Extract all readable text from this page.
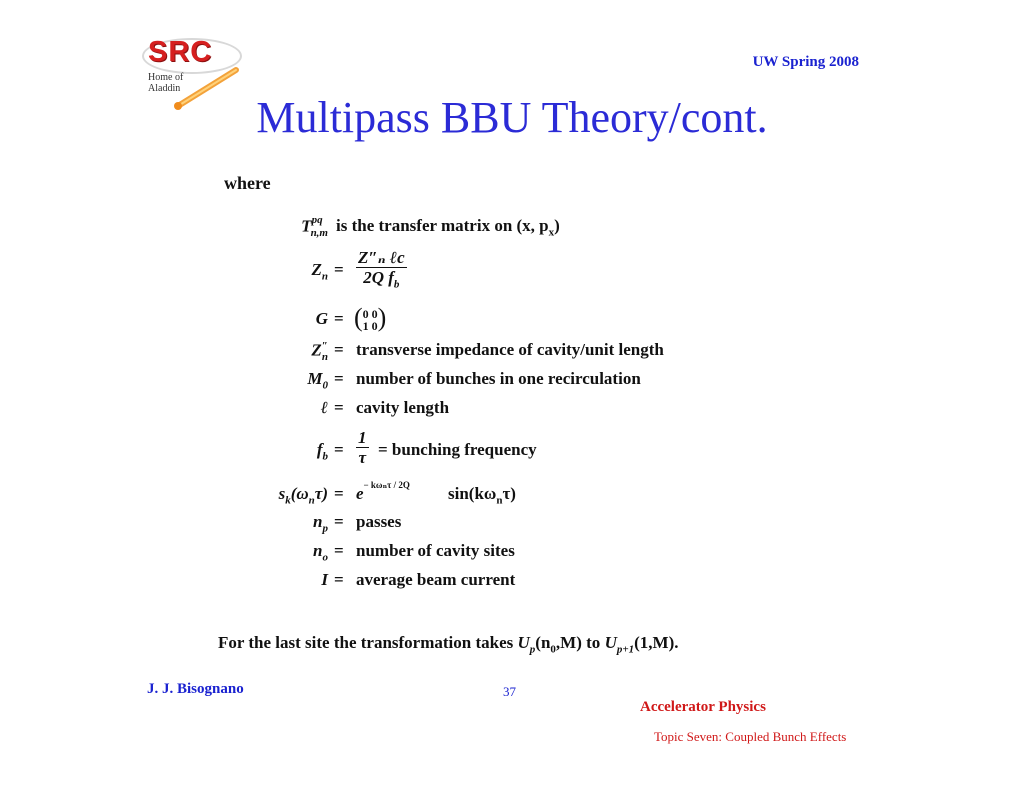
SRC
Home of
Aladdin
UW Spring 2008
Multipass BBU Theory/cont.
where
$T^{pq}_{n,m}$ is the transfer matrix on (x, $p_x$)
$Z_n = \frac{\text{Z″ₙ ℓc}}{2Q f_b}$
G = ( 0 0
1 0 )
$Z''_n$ = transverse impedance of cavity/unit length
$M_0$ = number of bunches in one recirculation
ℓ = cavity length
$f_b = \frac{1}{\tau}$ = bunching frequency
$s_k(\omega_n\tau) = e^{- k\omega_n\tau / 2Q}$ $\sin(k\omega_n\tau)$
$n_p$ = passes
$n_o$ = number of cavity sites
I = average beam current
For the last site the transformation takes $U_p(n_0,M)$ to $U_{p+1}(1,M)$.
J. J. Bisognano	37
Accelerator Physics
Topic Seven: Coupled Bunch Effects
